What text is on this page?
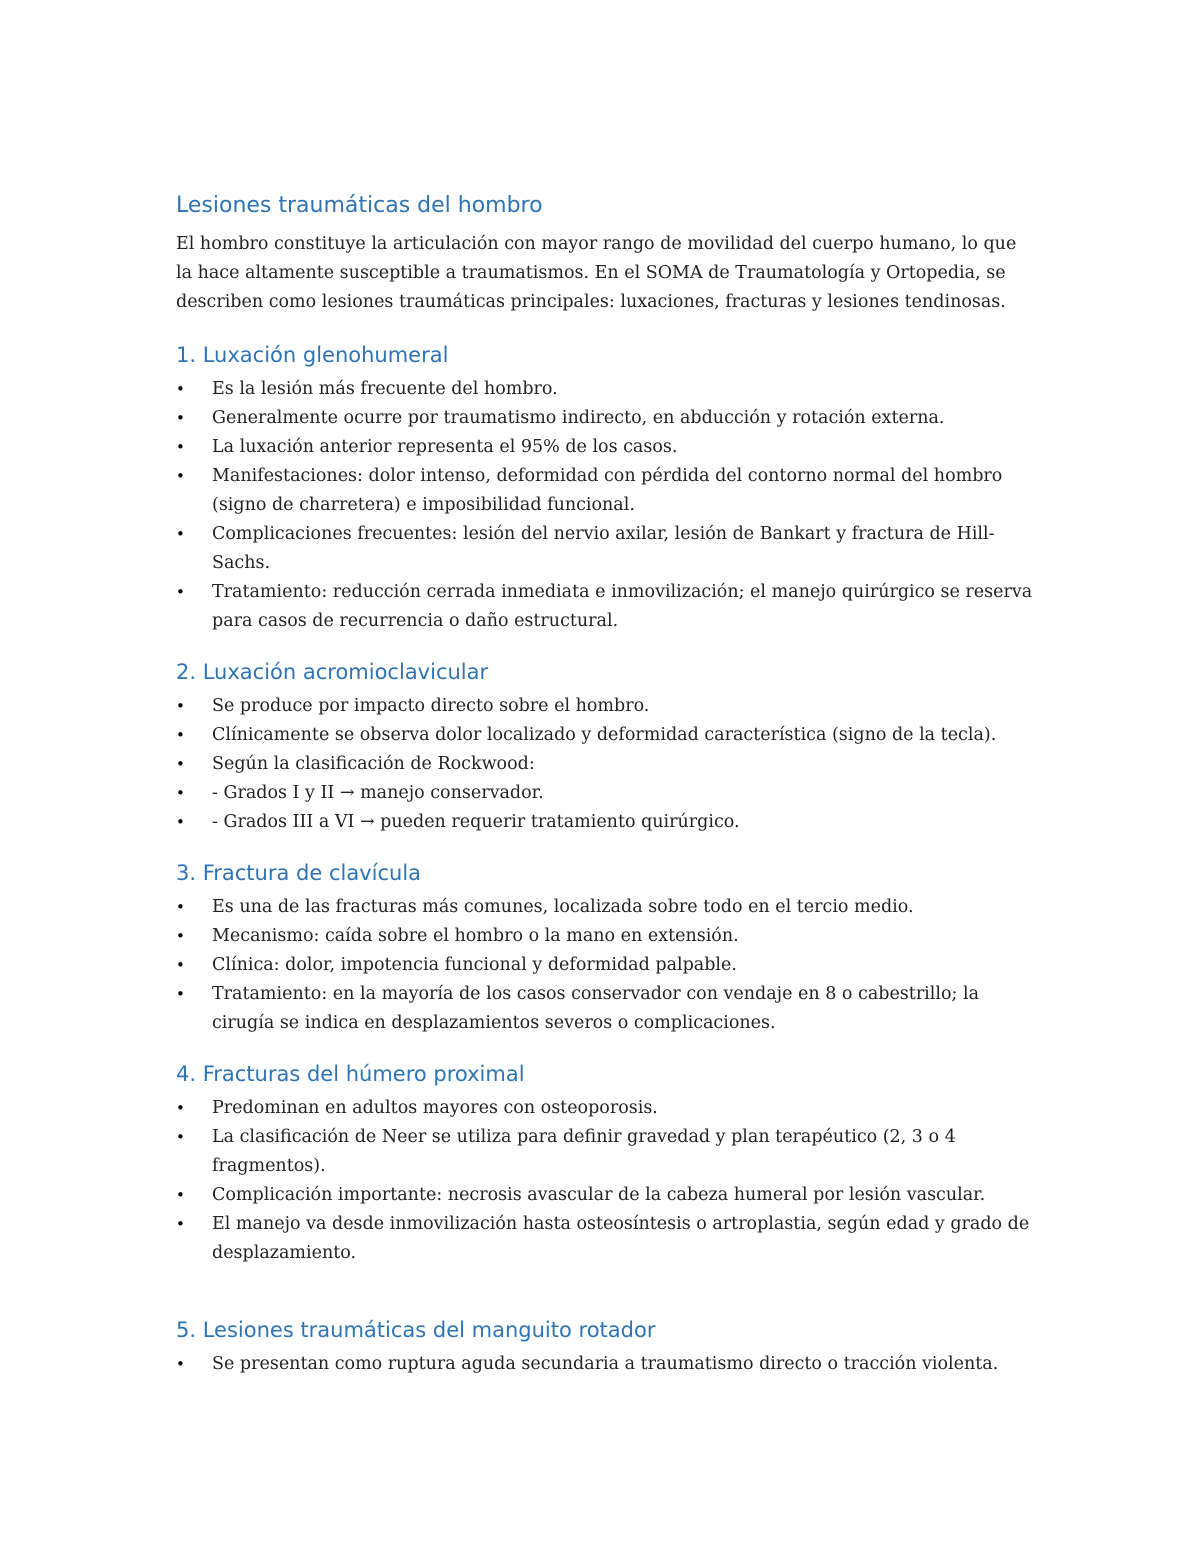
Lesiones traumáticas del hombro

El hombro constituye la articulación con mayor rango de movilidad del cuerpo humano, lo que la hace altamente susceptible a traumatismos. En el SOMA de Traumatología y Ortopedia, se describen como lesiones traumáticas principales: luxaciones, fracturas y lesiones tendinosas.

1. Luxación glenohumeral
• Es la lesión más frecuente del hombro.
• Generalmente ocurre por traumatismo indirecto, en abducción y rotación externa.
• La luxación anterior representa el 95% de los casos.
• Manifestaciones: dolor intenso, deformidad con pérdida del contorno normal del hombro (signo de charretera) e imposibilidad funcional.
• Complicaciones frecuentes: lesión del nervio axilar, lesión de Bankart y fractura de Hill-Sachs.
• Tratamiento: reducción cerrada inmediata e inmovilización; el manejo quirúrgico se reserva para casos de recurrencia o daño estructural.
2. Luxación acromioclavicular
• Se produce por impacto directo sobre el hombro.
• Clínicamente se observa dolor localizado y deformidad característica (signo de la tecla).
• Según la clasificación de Rockwood:
• - Grados I y II → manejo conservador.
• - Grados III a VI → pueden requerir tratamiento quirúrgico.
3. Fractura de clavícula
• Es una de las fracturas más comunes, localizada sobre todo en el tercio medio.
• Mecanismo: caída sobre el hombro o la mano en extensión.
• Clínica: dolor, impotencia funcional y deformidad palpable.
• Tratamiento: en la mayoría de los casos conservador con vendaje en 8 o cabestrillo; la cirugía se indica en desplazamientos severos o complicaciones.
4. Fracturas del húmero proximal
• Predominan en adultos mayores con osteoporosis.
• La clasificación de Neer se utiliza para definir gravedad y plan terapéutico (2, 3 o 4 fragmentos).
• Complicación importante: necrosis avascular de la cabeza humeral por lesión vascular.
• El manejo va desde inmovilización hasta osteosíntesis o artroplastia, según edad y grado de desplazamiento.
5. Lesiones traumáticas del manguito rotador
• Se presentan como ruptura aguda secundaria a traumatismo directo o tracción violenta.
